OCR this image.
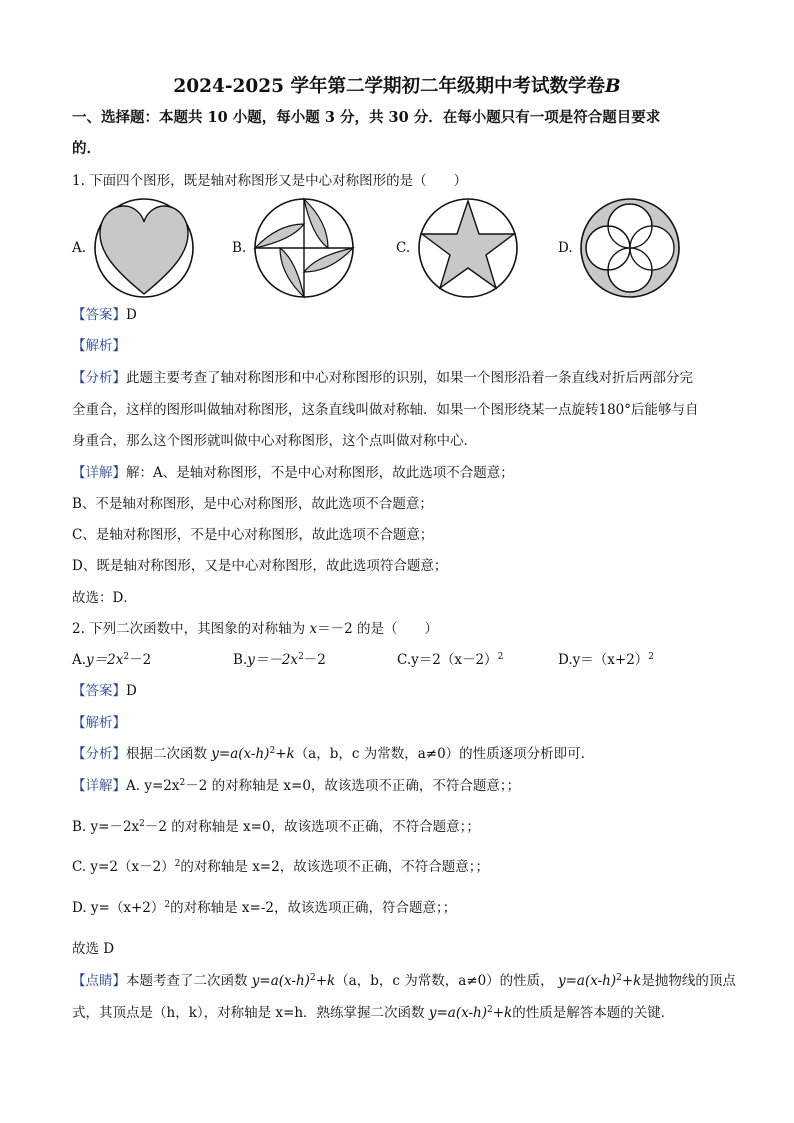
2024-2025 学年第二学期初二年级期中考试数学卷B
一、选择题：本题共 10 小题，每小题 3 分，共 30 分．在每小题只有一项是符合题目要求
的．
1. 下面四个图形，既是轴对称图形又是中心对称图形的是（　　）
A.	B.	C.	D.
【答案】D
【解析】
【分析】此题主要考查了轴对称图形和中心对称图形的识别，如果一个图形沿着一条直线对折后两部分完
全重合，这样的图形叫做轴对称图形，这条直线叫做对称轴．如果一个图形绕某一点旋转180°后能够与自
身重合，那么这个图形就叫做中心对称图形，这个点叫做对称中心．
【详解】解：A、是轴对称图形，不是中心对称图形，故此选项不合题意；
B、不是轴对称图形，是中心对称图形，故此选项不合题意；
C、是轴对称图形，不是中心对称图形，故此选项不合题意；
D、既是轴对称图形，又是中心对称图形，故此选项符合题意；
故选：D．
2. 下列二次函数中，其图象的对称轴为 x＝－2 的是（　　）
$A.y=2x^2-2$	$B.y=-2x^2-2$	$C.y=2(x-2)^2$	$D.y=(x+2)^2$
【答案】D
【解析】
【分析】根据二次函数 $y=a(x-h)^2+k(a$，b，c 为常数，a≠0）的性质逐项分析即可.
【详解】A. $y=2x^2-2$ 的对称轴是 x=0，故该选项不正确，不符合题意；；
B. $y=-2x^2-2$ 的对称轴是 x=0，故该选项不正确，不符合题意；；
C. $y=2(x-2)^2$的对称轴是 x=2，故该选项不正确，不符合题意；；
D. $y=(x+2)^2$的对称轴是 x=-2，故该选项正确，符合题意；；
故选 D
【点睛】本题考查了二次函数 $y=a(x-h)^2+k(a$，b，c 为常数，a≠0）的性质， $y=a(x-h)^2+k$是抛物线的顶点
式，其顶点是（h，k），对称轴是 x=h．熟练掌握二次函数 $y=a(x-h)^2+k$的性质是解答本题的关键．
